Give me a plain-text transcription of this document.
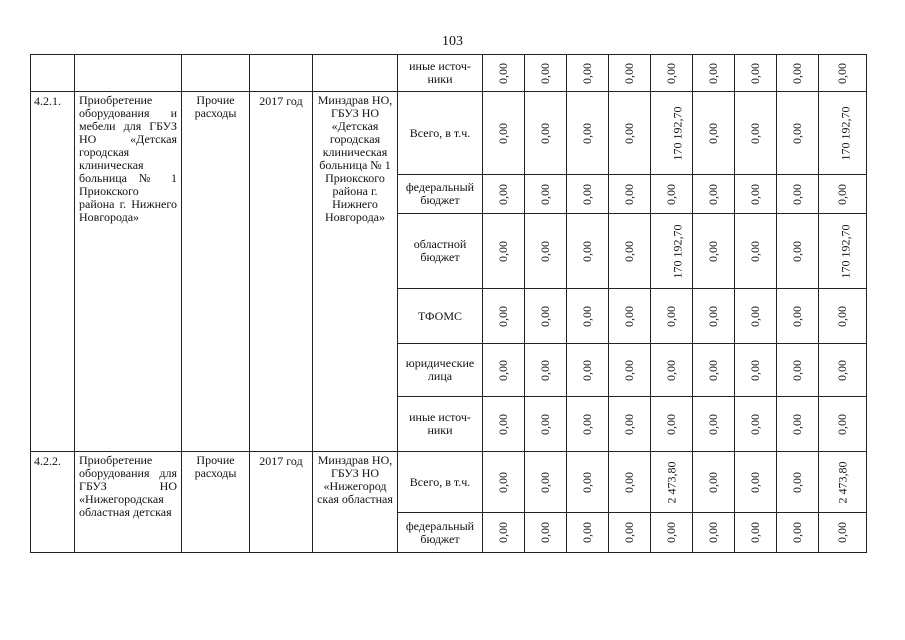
103
					иные источ-ники	0,00	0,00	0,00	0,00	0,00	0,00	0,00	0,00	0,00
4.2.1.	Приобретение оборудования и мебели для ГБУЗ НО «Детская городская клиническая больница № 1 Приокского района г. Нижнего Новгорода»	Прочие расходы	2017 год	Минздрав НО, ГБУЗ НО «Детская городская клиническая больница № 1 Приокского района г. Нижнего Новгорода»	Всего, в т.ч.	0,00	0,00	0,00	0,00	170 192,70	0,00	0,00	0,00	170 192,70
					федеральный бюджет	0,00	0,00	0,00	0,00	0,00	0,00	0,00	0,00	0,00
					областной бюджет	0,00	0,00	0,00	0,00	170 192,70	0,00	0,00	0,00	170 192,70
					ТФОМС	0,00	0,00	0,00	0,00	0,00	0,00	0,00	0,00	0,00
					юридические лица	0,00	0,00	0,00	0,00	0,00	0,00	0,00	0,00	0,00
					иные источ-ники	0,00	0,00	0,00	0,00	0,00	0,00	0,00	0,00	0,00
4.2.2.	Приобретение оборудования для ГБУЗ НО «Нижегородская областная детская	Прочие расходы	2017 год	Минздрав НО, ГБУЗ НО «Нижегород ская областная	Всего, в т.ч.	0,00	0,00	0,00	0,00	2 473,80	0,00	0,00	0,00	2 473,80
					федеральный бюджет	0,00	0,00	0,00	0,00	0,00	0,00	0,00	0,00	0,00
